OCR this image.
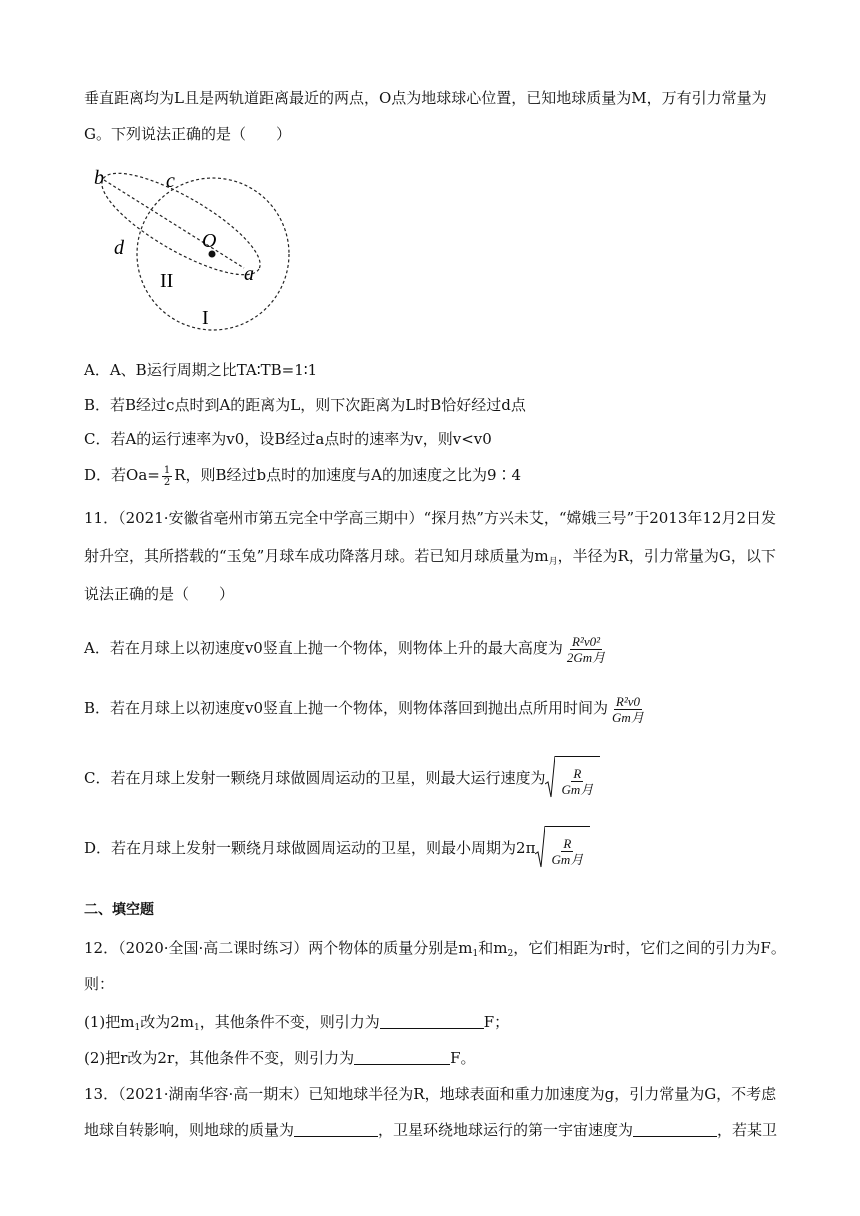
垂直距离均为L且是两轨道距离最近的两点，O点为地球球心位置，已知地球质量为M，万有引力常量为
G。下列说法正确的是（　　）
b	c
d	O
a
II
I
A．A、B运行周期之比TA∶TB=1∶1
B．若B经过c点时到A的距离为L，则下次距离为L时B恰好经过d点
C．若A的运行速率为v0，设B经过a点时的速率为v，则v<v0
D．若$Oa= \frac{1}{2}$ R，则B经过b点时的加速度与A的加速度之比为9∶4
11．（2021·安徽省亳州市第五完全中学高三期中）“探月热”方兴未艾，“嫦娥三号”于2013年12月2日发
射升空，其所搭载的“玉兔”月球车成功降落月球。若已知月球质量为$m_月$，半径为R，引力常量为G，以下
说法正确的是（　　）
A．若在月球上以初速度v0竖直上抛一个物体，则物体上升的最大高度为 $\frac{\text{R²v0²}}{\text{2Gm月}}$
B．若在月球上以初速度v0竖直上抛一个物体，则物体落回到抛出点所用时间为 $\frac{\text{R²v0}}{\text{Gm月}}$
C．若在月球上发射一颗绕月球做圆周运动的卫星，则最大运行速度为 $\frac{R}{\text{Gm月}}$
D．若在月球上发射一颗绕月球做圆周运动的卫星，则最小周期为$2\pi \frac{R}{\text{Gm月}}$
二、填空题
12．（2020·全国·高二课时练习）两个物体的质量分别是$m_1$和$m_2$，它们相距为r时，它们之间的引力为F。
则：
(1)把$m_1$改为$2m_1$，其他条件不变，则引力为	F；
(2)把r改为2r，其他条件不变，则引力为	F。
13．（2021·湖南华容·高一期末）已知地球半径为R，地球表面和重力加速度为g，引力常量为G，不考虑
地球自转影响，则地球的质量为	，卫星环绕地球运行的第一宇宙速度为	，若某卫
